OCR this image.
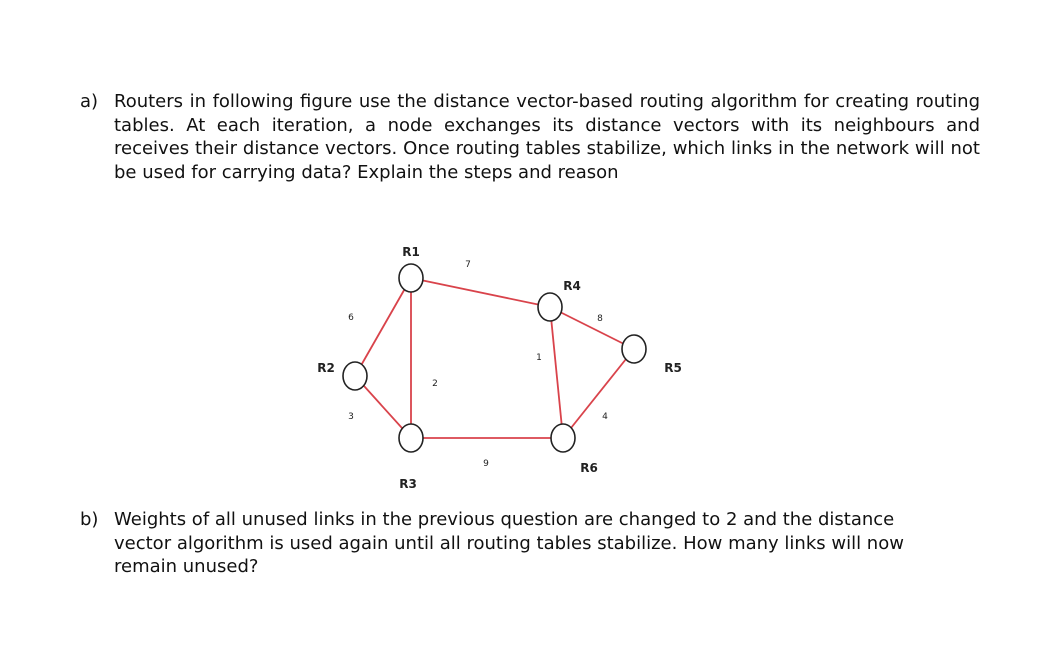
a) Routers in following figure use the distance vector-based routing algorithm for creating routing tables. At each iteration, a node exchanges its distance vectors with its neighbours and receives their distance vectors. Once routing tables stabilize, which links in the network will not be used for carrying data? Explain the steps and reason
7
6
2
3
8
1
9
4
R1
R2
R3
R4
R5
R6
b) Weights of all unused links in the previous question are changed to 2 and the distance vector algorithm is used again until all routing tables stabilize. How many links will now remain unused?
